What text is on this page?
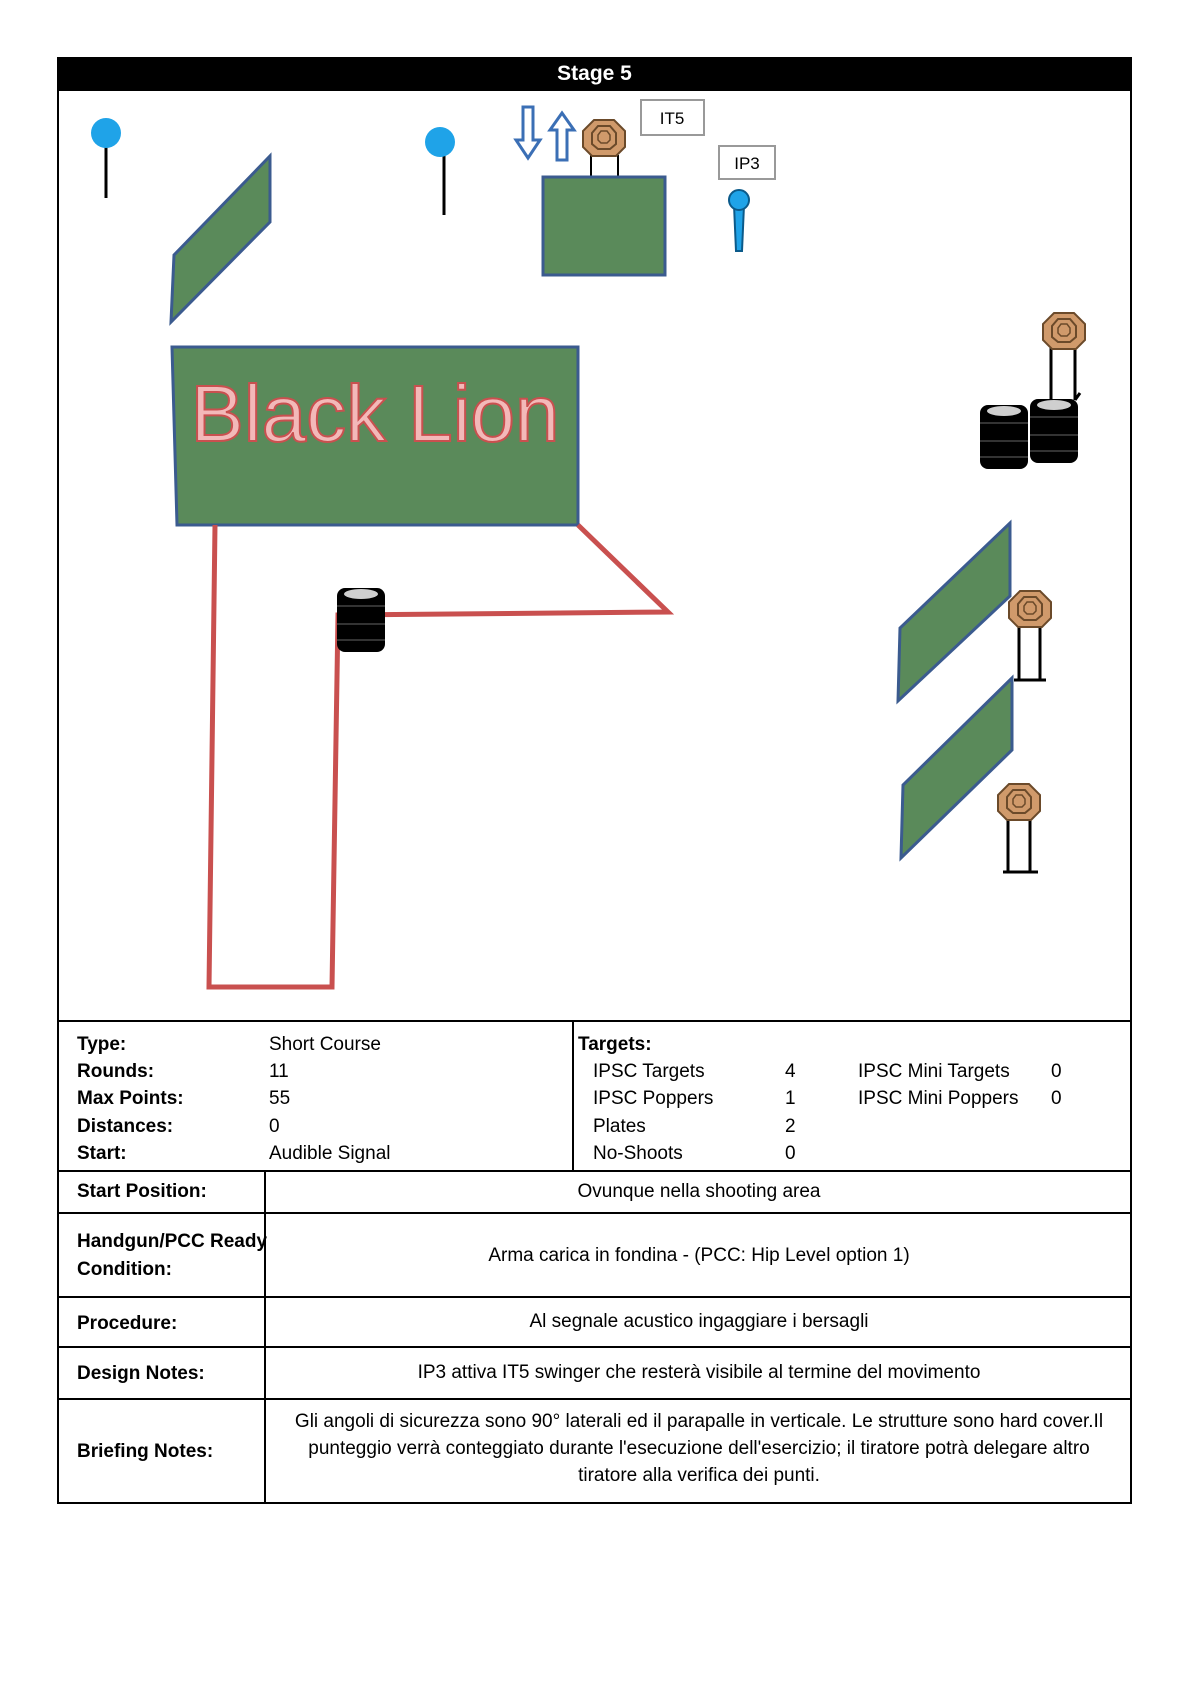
Stage 5
IT5
IP3
Black Lion
Type:	Short Course
Rounds:	11
Max Points:	55
Distances:	0
Start:	Audible Signal
Targets:
IPSC Targets	4
IPSC Poppers	1
Plates	2
No-Shoots	0
IPSC Mini Targets 0
IPSC Mini Poppers 0
Start Position:	Ovunque nella shooting area
Handgun/PCC Ready
Condition:
Arma carica in fondina - (PCC: Hip Level option 1)
Procedure:	Al segnale acustico ingaggiare i bersagli
Design Notes:	IP3 attiva IT5 swinger che resterà visibile al termine del movimento
Briefing Notes:
Gli angoli di sicurezza sono 90° laterali ed il parapalle in verticale. Le strutture sono hard cover.Il
punteggio verrà conteggiato durante l'esecuzione dell'esercizio; il tiratore potrà delegare altro
tiratore alla verifica dei punti.
